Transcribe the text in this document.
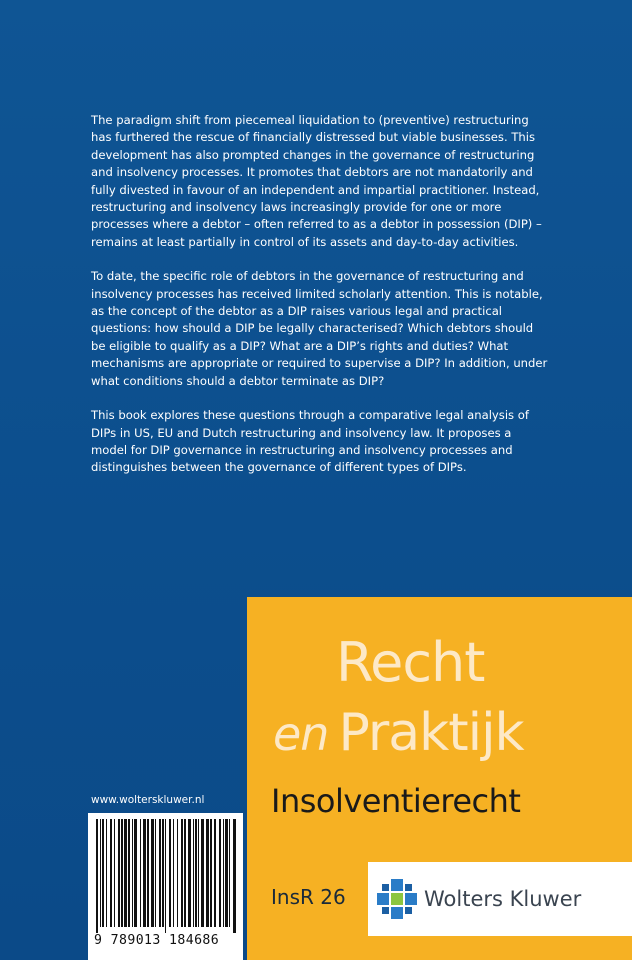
The paradigm shift from piecemeal liquidation to (preventive) restructuring has furthered the rescue of financially distressed but viable businesses. This development has also prompted changes in the governance of restructuring and insolvency processes. It promotes that debtors are not mandatorily and fully divested in favour of an independent and impartial practitioner. Instead, restructuring and insolvency laws increasingly provide for one or more processes where a debtor – often referred to as a debtor in possession (DIP) – remains at least partially in control of its assets and day-to-day activities.

To date, the specific role of debtors in the governance of restructuring and insolvency processes has received limited scholarly attention. This is notable, as the concept of the debtor as a DIP raises various legal and practical questions: how should a DIP be legally characterised? Which debtors should be eligible to qualify as a DIP? What are a DIP’s rights and duties? What mechanisms are appropriate or required to supervise a DIP? In addition, under what conditions should a debtor terminate as DIP?

This book explores these questions through a comparative legal analysis of DIPs in US, EU and Dutch restructuring and insolvency law. It proposes a model for DIP governance in restructuring and insolvency processes and distinguishes between the governance of different types of DIPs.

www.wolterskluwer.nl
9 789013 184686
Recht
en Praktijk
Insolventierecht
InsR 26	Wolters Kluwer
